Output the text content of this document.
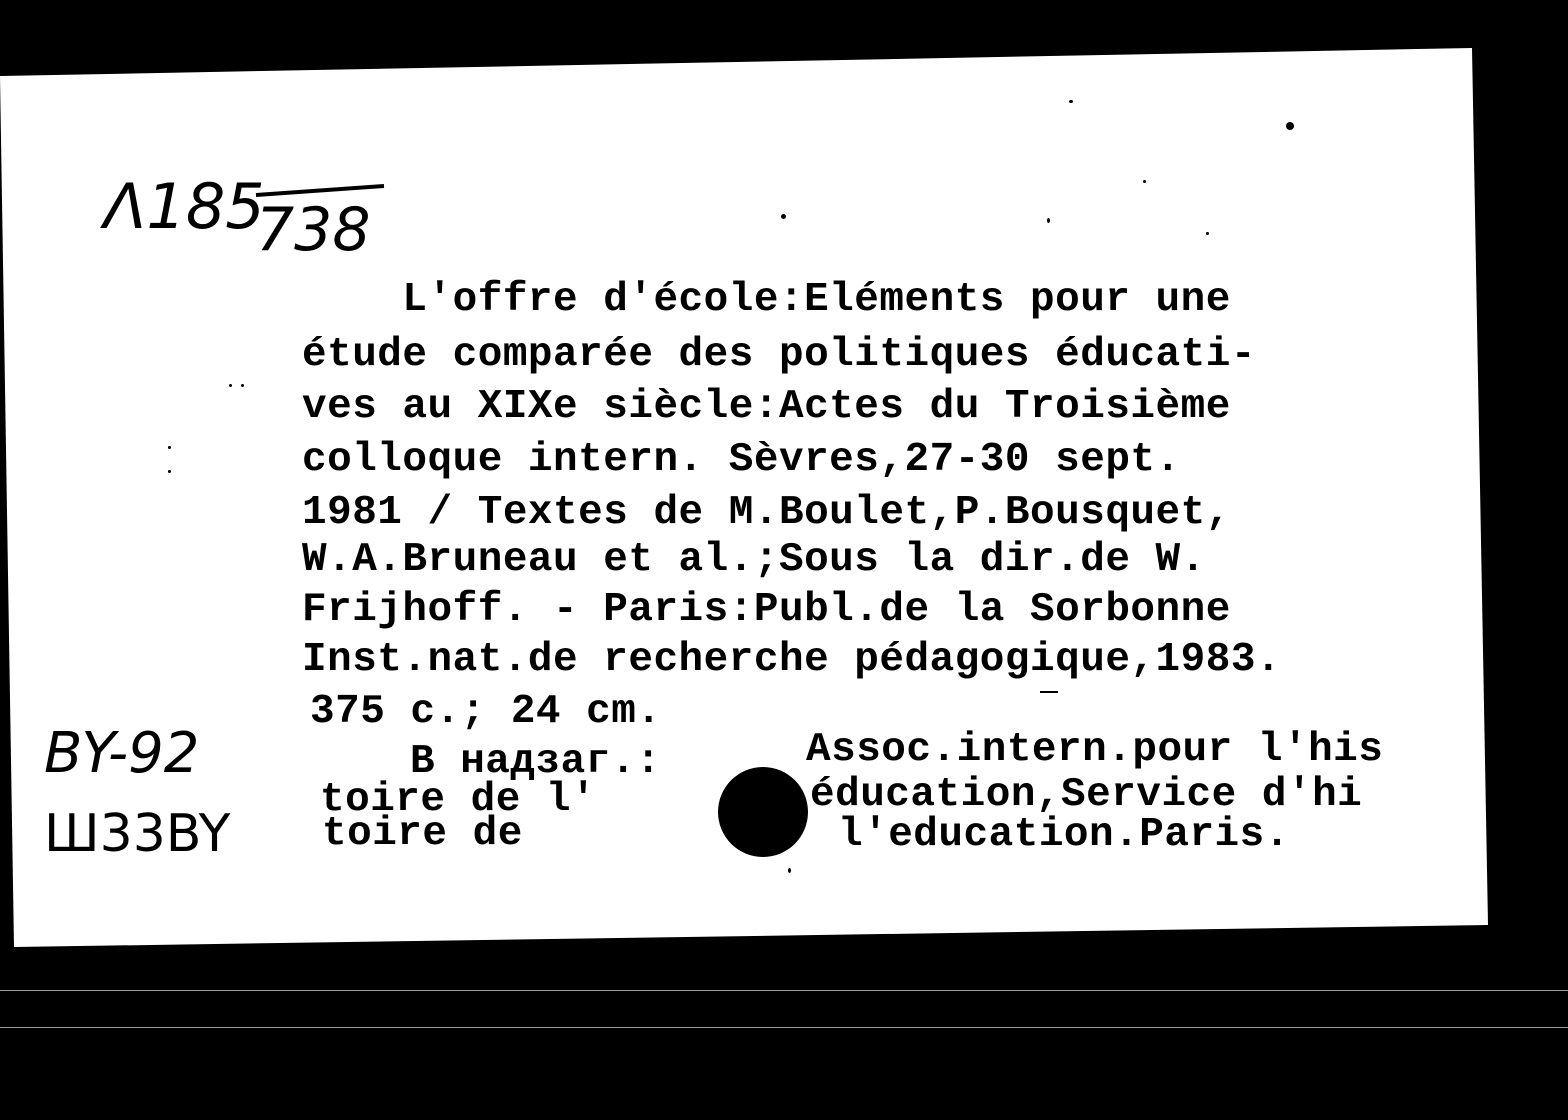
Λ185
738
L'offre d'école:Eléments pour une
étude comparée des politiques éducati-
ves au XIXe siècle:Actes du Troisième
colloque intern. Sèvres,27-30 sept.
1981 / Textes de M.Boulet,P.Bousquet,
W.A.Bruneau et al.;Sous la dir.de W.
Frijhoff. - Paris:Publ.de la Sorbonne
Inst.nat.de recherche pédagogique,1983.
375 c.; 24 cm.
B надзаг.:	Assoc.intern.pour l'his
toire de l'	éducation,Service d'hi
toire de	l'education.Paris.
BY-92
Ш33BY
